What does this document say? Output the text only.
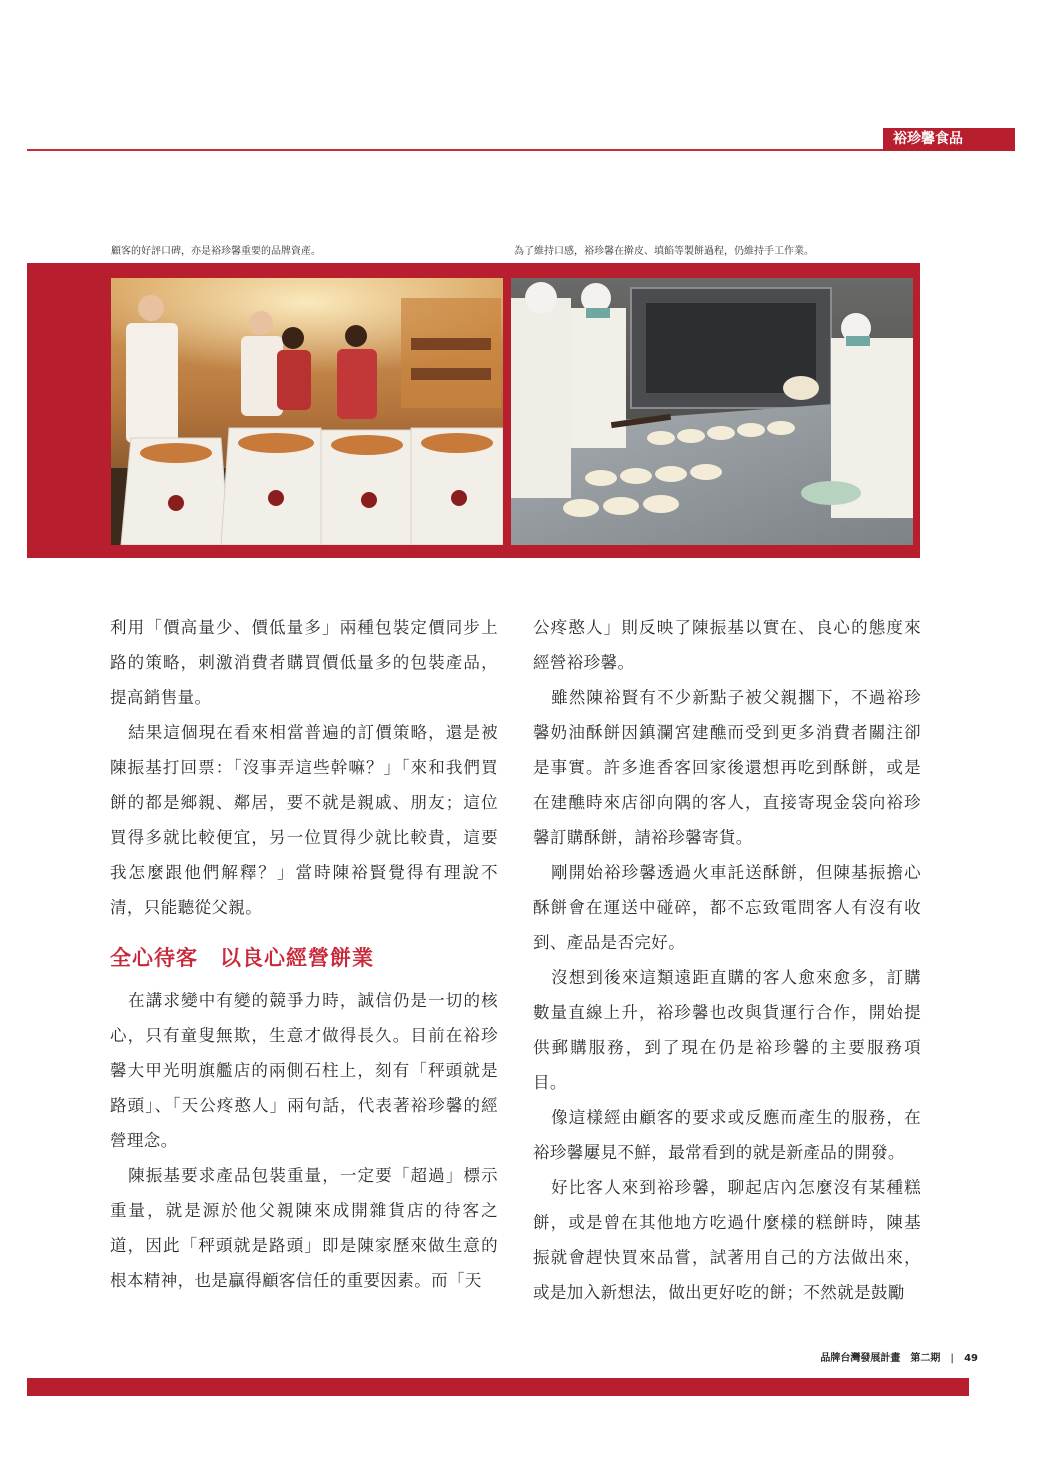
裕珍馨食品
顧客的好評口碑，亦是裕珍馨重要的品牌資產。	為了維持口感，裕珍馨在擀皮、填餡等製餅過程，仍維持手工作業。

利用「價高量少、價低量多」兩種包裝定價同步上路的策略，刺激消費者購買價低量多的包裝產品，提高銷售量。

結果這個現在看來相當普遍的訂價策略，還是被陳振基打回票：「沒事弄這些幹嘛？」「來和我們買餅的都是鄉親、鄰居，要不就是親戚、朋友；這位買得多就比較便宜，另一位買得少就比較貴，這要我怎麼跟他們解釋？」當時陳裕賢覺得有理說不清，只能聽從父親。

全心待客　以良心經營餅業

在講求變中有變的競爭力時，誠信仍是一切的核心，只有童叟無欺，生意才做得長久。目前在裕珍馨大甲光明旗艦店的兩側石柱上，刻有「秤頭就是路頭」、「天公疼憨人」兩句話，代表著裕珍馨的經營理念。

陳振基要求產品包裝重量，一定要「超過」標示重量，就是源於他父親陳來成開雜貨店的待客之道，因此「秤頭就是路頭」即是陳家歷來做生意的根本精神，也是贏得顧客信任的重要因素。而「天

公疼憨人」則反映了陳振基以實在、良心的態度來經營裕珍馨。

雖然陳裕賢有不少新點子被父親擱下，不過裕珍馨奶油酥餅因鎮瀾宮建醮而受到更多消費者關注卻是事實。許多進香客回家後還想再吃到酥餅，或是在建醮時來店卻向隅的客人，直接寄現金袋向裕珍馨訂購酥餅，請裕珍馨寄貨。

剛開始裕珍馨透過火車託送酥餅，但陳基振擔心酥餅會在運送中碰碎，都不忘致電問客人有沒有收到、產品是否完好。

沒想到後來這類遠距直購的客人愈來愈多，訂購數量直線上升，裕珍馨也改與貨運行合作，開始提供郵購服務，到了現在仍是裕珍馨的主要服務項目。

像這樣經由顧客的要求或反應而產生的服務，在裕珍馨屢見不鮮，最常看到的就是新產品的開發。

好比客人來到裕珍馨，聊起店內怎麼沒有某種糕餅，或是曾在其他地方吃過什麼樣的糕餅時，陳基振就會趕快買來品嘗，試著用自己的方法做出來，或是加入新想法，做出更好吃的餅；不然就是鼓勵

品牌台灣發展計畫　第二期 | 49
